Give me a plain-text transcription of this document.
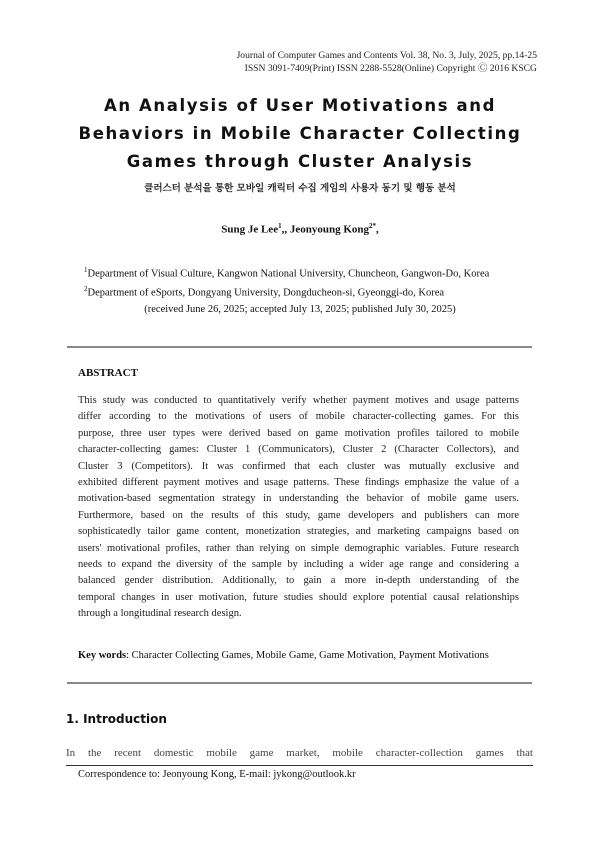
Journal of Computer Games and Contents Vol. 38, No. 3, July, 2025, pp.14-25
ISSN 3091-7409(Print) ISSN 2288-5528(Online) Copyright Ⓒ 2016 KSCG
An Analysis of User Motivations and
Behaviors in Mobile Character Collecting
Games through Cluster Analysis
클러스터 분석을 통한 모바일 캐릭터 수집 게임의 사용자 동기 및 행동 분석
Sung Je Lee$^1$,, Jeonyoung Kong$^{2*}$,
$^1$Department of Visual Culture, Kangwon National University, Chuncheon, Gangwon-Do, Korea
$^2$Department of eSports, Dongyang University, Dongducheon-si, Gyeonggi-do, Korea
(received June 26, 2025; accepted July 13, 2025; published July 30, 2025)
ABSTRACT
This study was conducted to quantitatively verify whether payment motives and usage patterns
differ according to the motivations of users of mobile character-collecting games. For this
purpose, three user types were derived based on game motivation profiles tailored to mobile
character-collecting games: Cluster 1 (Communicators), Cluster 2 (Character Collectors), and
Cluster 3 (Competitors). It was confirmed that each cluster was mutually exclusive and
exhibited different payment motives and usage patterns. These findings emphasize the value of a
motivation-based segmentation strategy in understanding the behavior of mobile game users.
Furthermore, based on the results of this study, game developers and publishers can more
sophisticatedly tailor game content, monetization strategies, and marketing campaigns based on
users' motivational profiles, rather than relying on simple demographic variables. Future research
needs to expand the diversity of the sample by including a wider age range and considering a
balanced gender distribution. Additionally, to gain a more in-depth understanding of the
temporal changes in user motivation, future studies should explore potential causal relationships
through a longitudinal research design.
Key words: Character Collecting Games, Mobile Game, Game Motivation, Payment Motivations
1. Introduction
In the recent domestic mobile game market, mobile character-collection games that
Correspondence to: Jeonyoung Kong, E-mail: jykong@outlook.kr
